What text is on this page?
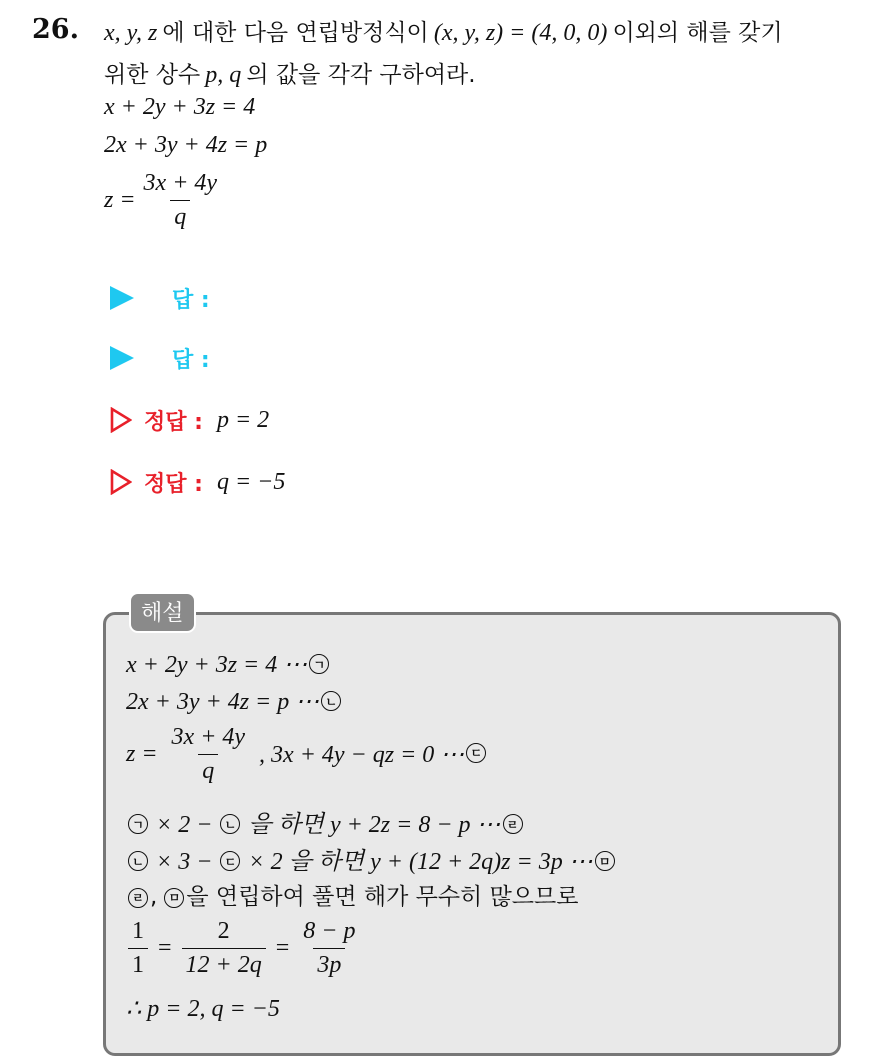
26. x, y, z 에 대한 다음 연립방정식이 (x, y, z) = (4, 0, 0) 이외의 해를 갖기
위한 상수 p, q 의 값을 각각 구하여라.
x + 2y + 3z = 4
2x + 3y + 4z = p
$z = \frac{3x + 4y}{q}$
답 :
답 :
정답 : p = 2
정답 : q = −5
해설
x + 2y + 3z = 4 ⋯ ㄱ
2x + 3y + 4z = p ⋯ ㄴ
$z = \frac{3x + 4y}{q}$ , 3x + 4y − qz = 0 ⋯ ㄷ
ㄱ × 2 − ㄴ 을 하면 y + 2z = 8 − p ⋯ ㄹ
ㄴ × 3 − ㄷ × 2 을 하면 y + (12 + 2q)z = 3p ⋯ ㅁ
ㄹ , ㅁ 을 연립하여 풀면 해가 무수히 많으므로
$\frac{1}{1} = \frac{2}{12 + 2q} = \frac{8 - p}{3p}$
∴ p = 2, q = −5
